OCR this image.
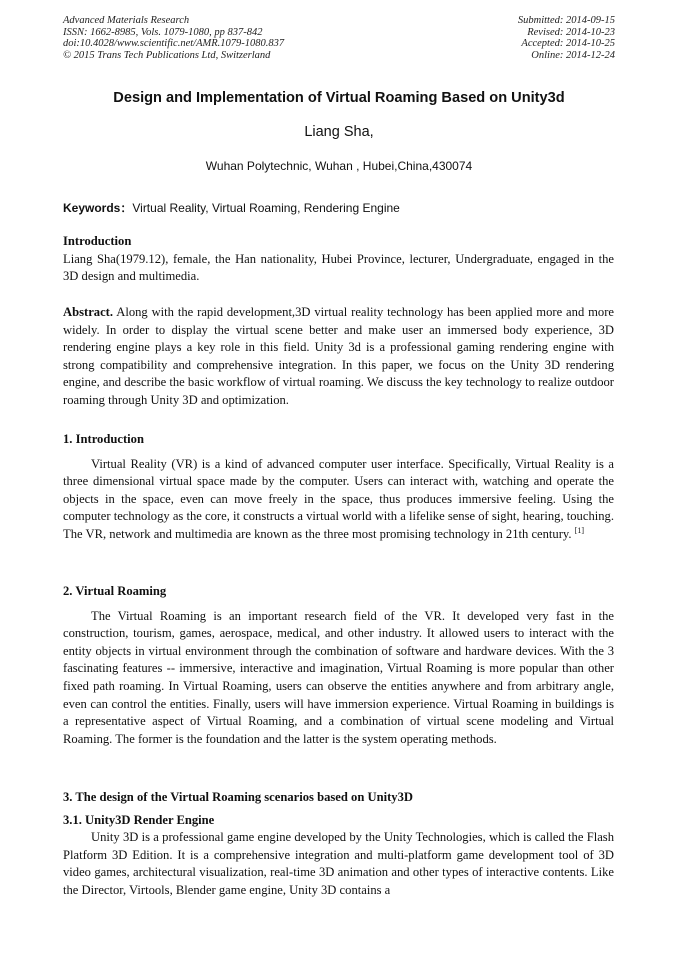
Advanced Materials Research
ISSN: 1662-8985, Vols. 1079-1080, pp 837-842
doi:10.4028/www.scientific.net/AMR.1079-1080.837
© 2015 Trans Tech Publications Ltd, Switzerland
Submitted: 2014-09-15
Revised: 2014-10-23
Accepted: 2014-10-25
Online: 2014-12-24
Design and Implementation of Virtual Roaming Based on Unity3d
Liang Sha,
Wuhan Polytechnic, Wuhan , Hubei,China,430074
Keywords：Virtual Reality, Virtual Roaming, Rendering Engine
Introduction

Liang Sha(1979.12), female, the Han nationality, Hubei Province, lecturer, Undergraduate, engaged in the 3D design and multimedia.

Abstract. Along with the rapid development,3D virtual reality technology has been applied more and more widely. In order to display the virtual scene better and make user an immersed body experience, 3D rendering engine plays a key role in this field. Unity 3d is a professional gaming rendering engine with strong compatibility and comprehensive integration. In this paper, we focus on the Unity 3D rendering engine, and describe the basic workflow of virtual roaming. We discuss the key technology to realize outdoor roaming through Unity 3D and optimization.

1. Introduction

Virtual Reality (VR) is a kind of advanced computer user interface. Specifically, Virtual Reality is a three dimensional virtual space made by the computer. Users can interact with, watching and operate the objects in the space, even can move freely in the space, thus produces immersive feeling. Using the computer technology as the core, it constructs a virtual world with a lifelike sense of sight, hearing, touching. The VR, network and multimedia are known as the three most promising technology in 21th century. [1]

2. Virtual Roaming

The Virtual Roaming is an important research field of the VR. It developed very fast in the construction, tourism, games, aerospace, medical, and other industry. It allowed users to interact with the entity objects in virtual environment through the combination of software and hardware devices. With the 3 fascinating features -- immersive, interactive and imagination, Virtual Roaming is more popular than other fixed path roaming. In Virtual Roaming, users can observe the entities anywhere and from arbitrary angle, even can control the entities. Finally, users will have immersion experience. Virtual Roaming in buildings is a representative aspect of Virtual Roaming, and a combination of virtual scene modeling and Virtual Roaming. The former is the foundation and the latter is the system operating methods.

3. The design of the Virtual Roaming scenarios based on Unity3D
3.1. Unity3D Render Engine

Unity 3D is a professional game engine developed by the Unity Technologies, which is called the Flash Platform 3D Edition. It is a comprehensive integration and multi-platform game development tool of 3D video games, architectural visualization, real-time 3D animation and other types of interactive contents. Like the Director, Virtools, Blender game engine, Unity 3D contains a
